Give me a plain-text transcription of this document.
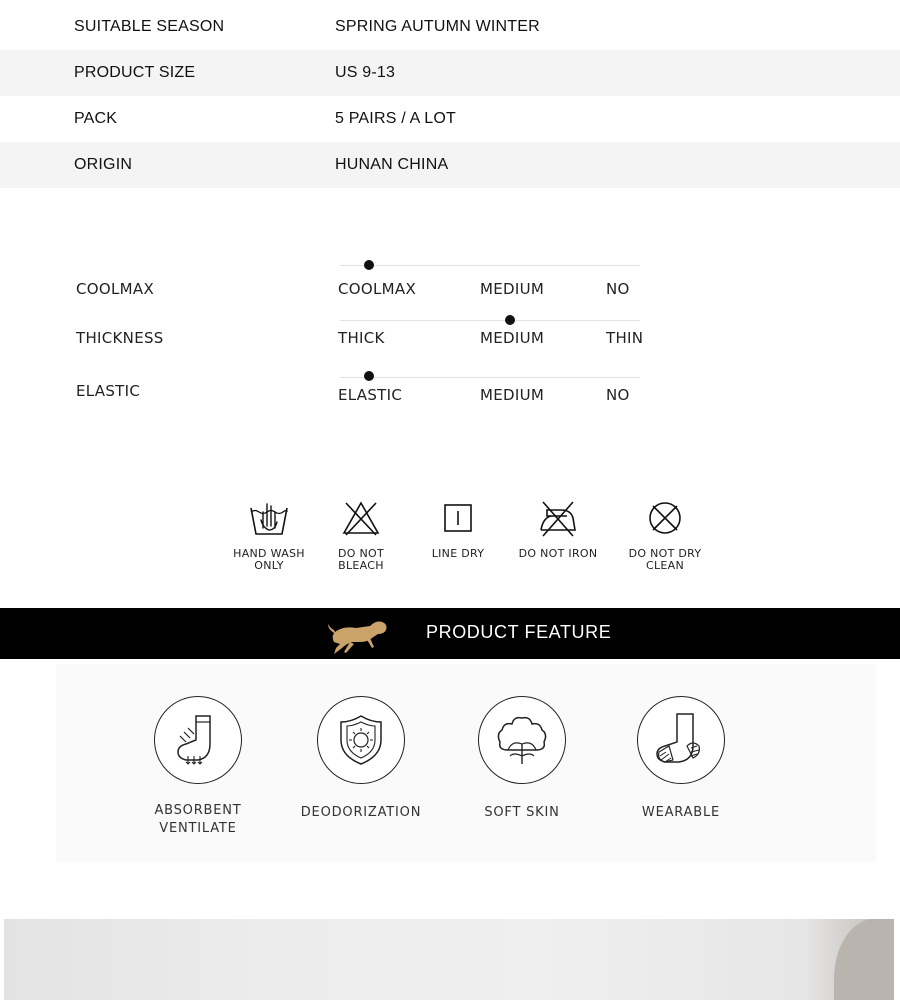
SUITABLE SEASON	SPRING AUTUMN WINTER
PRODUCT SIZE	US 9-13
PACK	5 PAIRS / A LOT
ORIGIN	HUNAN CHINA
COOLMAX	COOLMAX	MEDIUM	NO
THICKNESS	THICK	MEDIUM	THIN
ELASTIC	ELASTIC	MEDIUM	NO
HAND WASH
ONLY
DO NOT
BLEACH
LINE DRY	DO NOT IRON	DO NOT DRY
CLEAN
PRODUCT FEATURE
ABSORBENT
VENTILATE
DEODORIZATION	SOFT SKIN	WEARABLE
